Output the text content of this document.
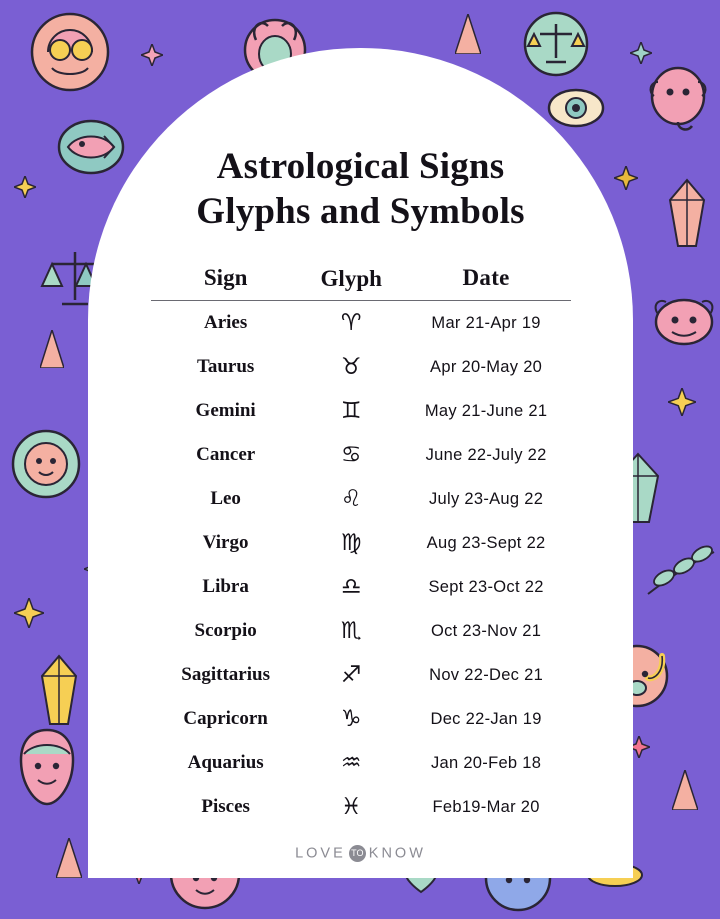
Astrological Signs
Glyphs and Symbols
Sign	Glyph	Date
Aries	♈	Mar 21-Apr 19
Taurus	♉	Apr 20-May 20
Gemini	♊	May 21-June 21
Cancer	♋	June 22-July 22
Leo	♌	July 23-Aug 22
Virgo	♍	Aug 23-Sept 22
Libra	♎	Sept 23-Oct 22
Scorpio	♏	Oct 23-Nov 21
Sagittarius	♐	Nov 22-Dec 21
Capricorn	♑	Dec 22-Jan 19
Aquarius	♒	Jan 20-Feb 18
Pisces	♓	Feb19-Mar 20
LOVE TO KNOW
